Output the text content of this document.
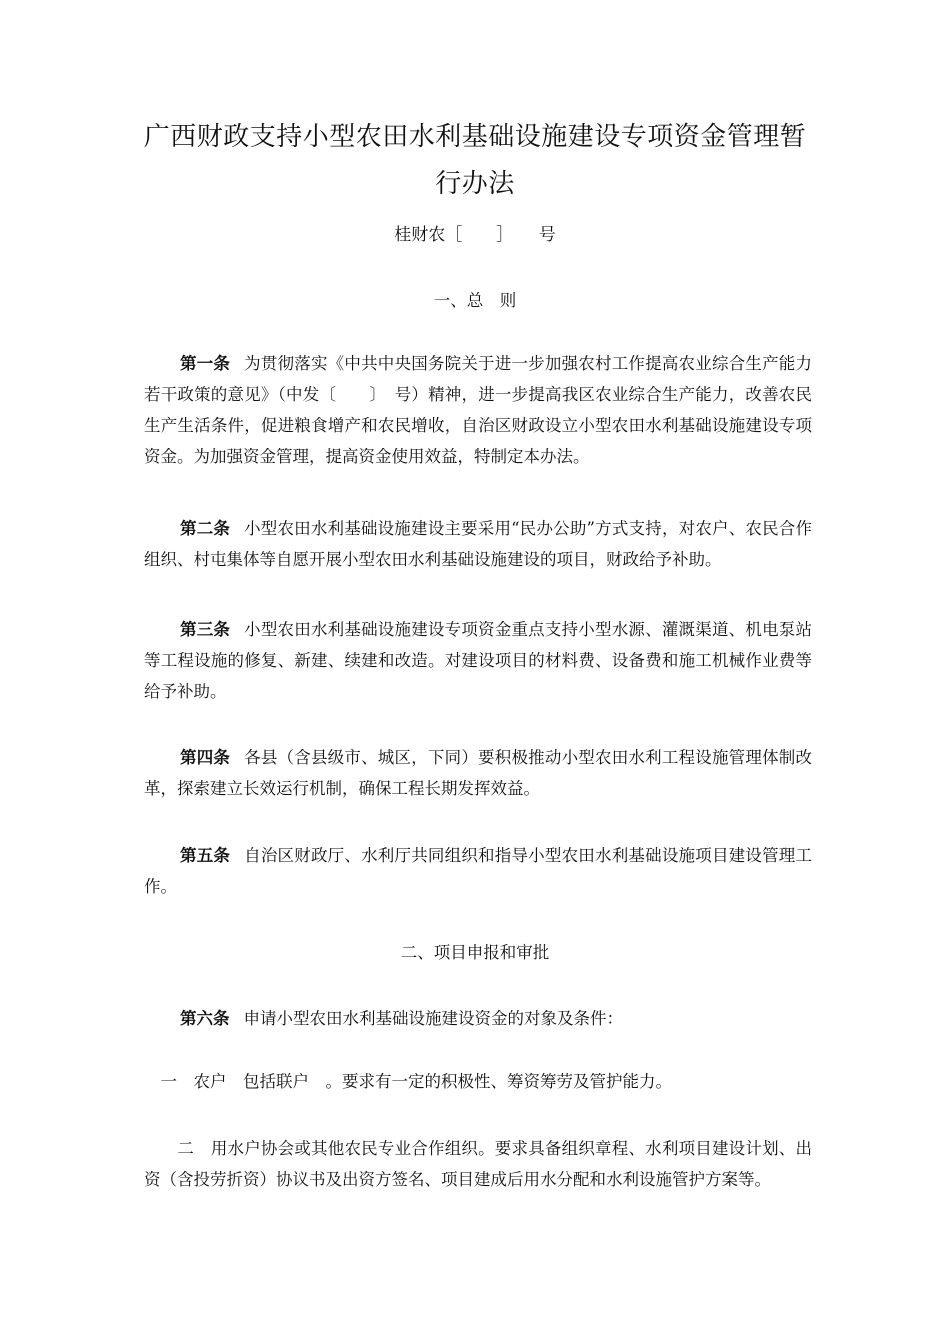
广西财政支持小型农田水利基础设施建设专项资金管理暂
行办法
桂财农［　　］　　号
一、总　则

第一条 为贯彻落实《中共中央国务院关于进一步加强农村工作提高农业综合生产能力若干政策的意见》（中发〔　　〕　号）精神，进一步提高我区农业综合生产能力，改善农民生产生活条件，促进粮食增产和农民增收，自治区财政设立小型农田水利基础设施建设专项资金。为加强资金管理，提高资金使用效益，特制定本办法。

第二条 小型农田水利基础设施建设主要采用“民办公助”方式支持，对农户、农民合作组织、村屯集体等自愿开展小型农田水利基础设施建设的项目，财政给予补助。

第三条 小型农田水利基础设施建设专项资金重点支持小型水源、灌溉渠道、机电泵站等工程设施的修复、新建、续建和改造。对建设项目的材料费、设备费和施工机械作业费等给予补助。

第四条 各县（含县级市、城区，下同）要积极推动小型农田水利工程设施管理体制改革，探索建立长效运行机制，确保工程长期发挥效益。

第五条 自治区财政厅、水利厅共同组织和指导小型农田水利基础设施项目建设管理工作。

二、项目申报和审批

第六条 申请小型农田水利基础设施建设资金的对象及条件：

　一　农户　包括联户　。要求有一定的积极性、筹资筹劳及管护能力。

　　二　用水户协会或其他农民专业合作组织。要求具备组织章程、水利项目建设计划、出资（含投劳折资）协议书及出资方签名、项目建成后用水分配和水利设施管护方案等。
